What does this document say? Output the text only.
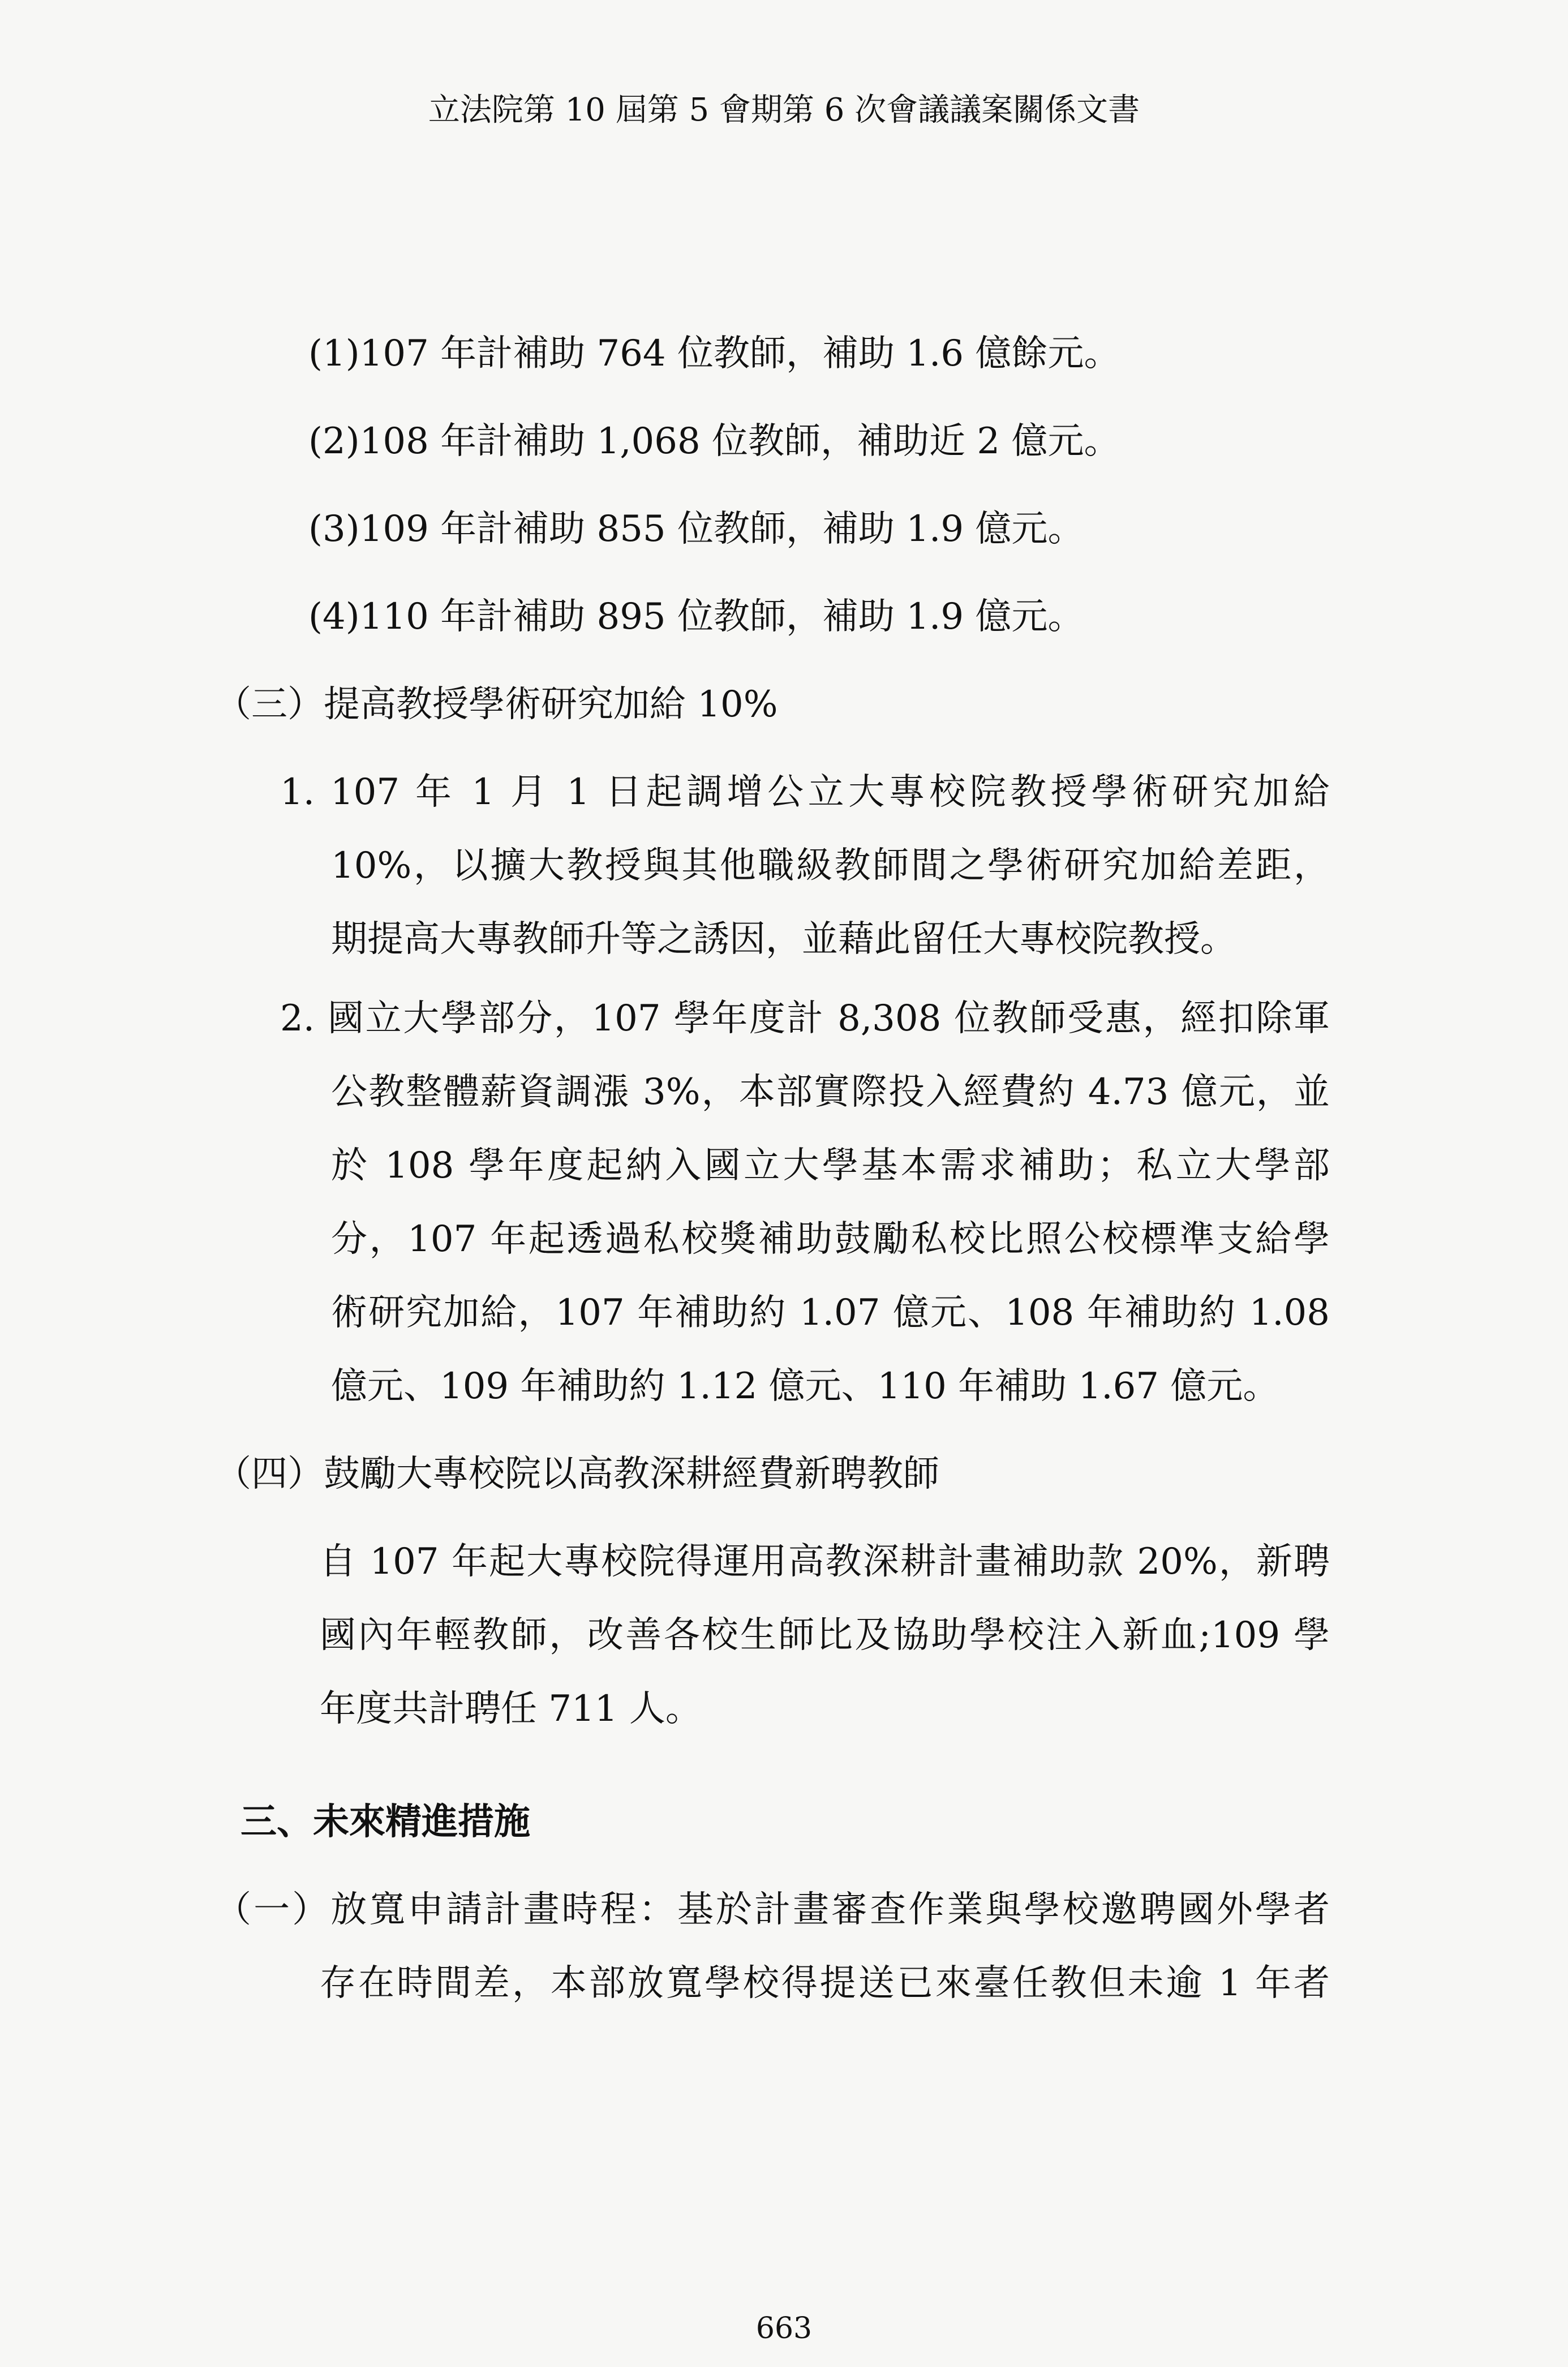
立法院第 10 屆第 5 會期第 6 次會議議案關係文書
(1)107 年計補助 764 位教師，補助 1.6 億餘元。
(2)108 年計補助 1,068 位教師，補助近 2 億元。
(3)109 年計補助 855 位教師，補助 1.9 億元。
(4)110 年計補助 895 位教師，補助 1.9 億元。
（三）提高教授學術研究加給 10%
1. 107 年 1 月 1 日起調增公立大專校院教授學術研究加給
10%，以擴大教授與其他職級教師間之學術研究加給差距，
期提高大專教師升等之誘因，並藉此留任大專校院教授。
2. 國立大學部分，107 學年度計 8,308 位教師受惠，經扣除軍
公教整體薪資調漲 3%，本部實際投入經費約 4.73 億元，並
於 108 學年度起納入國立大學基本需求補助；私立大學部
分，107 年起透過私校獎補助鼓勵私校比照公校標準支給學
術研究加給，107 年補助約 1.07 億元、108 年補助約 1.08
億元、109 年補助約 1.12 億元、110 年補助 1.67 億元。
（四）鼓勵大專校院以高教深耕經費新聘教師
自 107 年起大專校院得運用高教深耕計畫補助款 20%，新聘
國內年輕教師，改善各校生師比及協助學校注入新血;109 學
年度共計聘任 711 人。
三、未來精進措施
（一）放寬申請計畫時程：基於計畫審查作業與學校邀聘國外學者
存在時間差，本部放寬學校得提送已來臺任教但未逾 1 年者
663
